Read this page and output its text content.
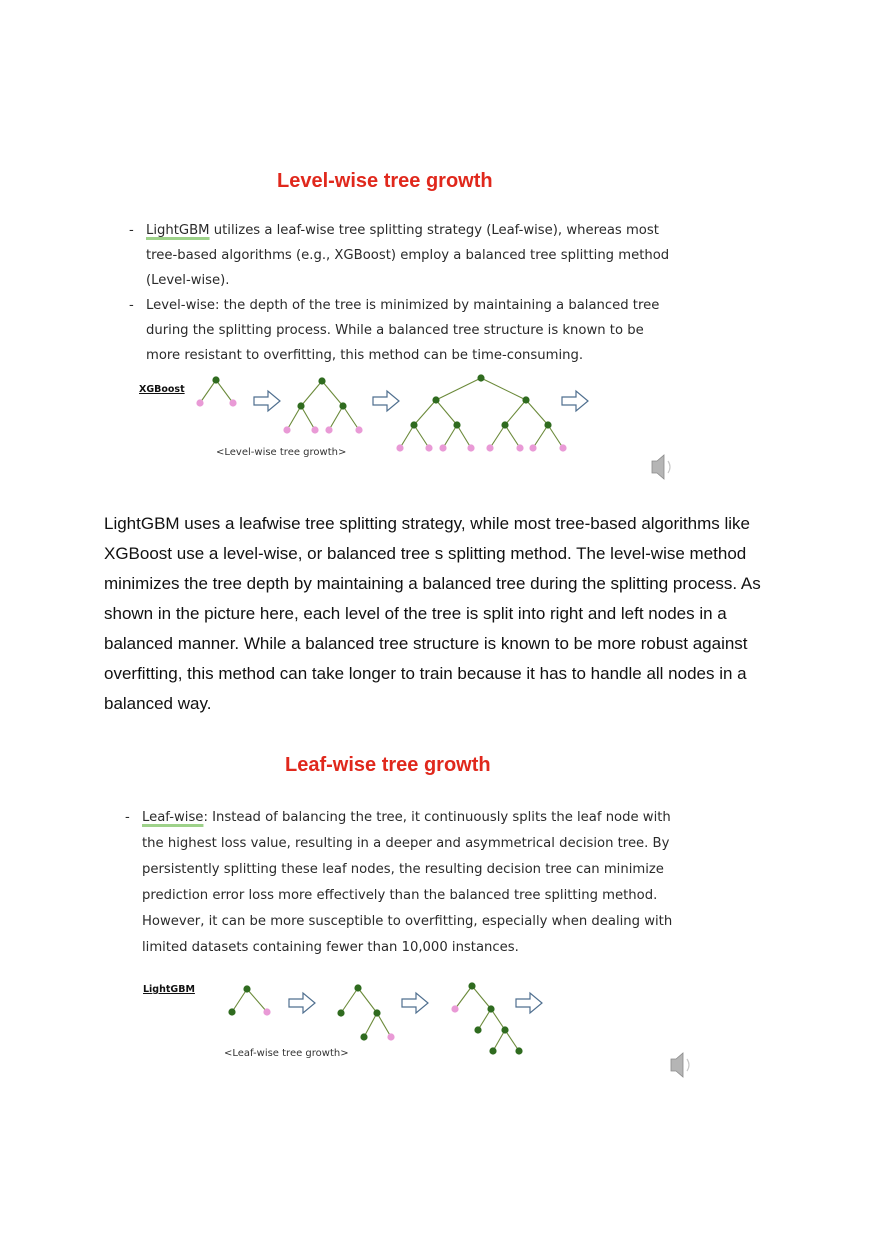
Level-wise tree growth
- LightGBM utilizes a leaf-wise tree splitting strategy (Leaf-wise), whereas most tree-based algorithms (e.g., XGBoost) employ a balanced tree splitting method (Level-wise).
- Level-wise: the depth of the tree is minimized by maintaining a balanced tree during the splitting process. While a balanced tree structure is known to be more resistant to overfitting, this method can be time-consuming.
XGBoost
<Level-wise tree growth>
LightGBM uses a leafwise tree splitting strategy, while most tree-based algorithms like XGBoost use a level-wise, or balanced tree s splitting method. The level-wise method minimizes the tree depth by maintaining a balanced tree during the splitting process. As shown in the picture here, each level of the tree is split into right and left nodes in a balanced manner. While a balanced tree structure is known to be more robust against overfitting, this method can take longer to train because it has to handle all nodes in a balanced way.
Leaf-wise tree growth
- Leaf-wise: Instead of balancing the tree, it continuously splits the leaf node with the highest loss value, resulting in a deeper and asymmetrical decision tree. By persistently splitting these leaf nodes, the resulting decision tree can minimize prediction error loss more effectively than the balanced tree splitting method. However, it can be more susceptible to overfitting, especially when dealing with limited datasets containing fewer than 10,000 instances.
LightGBM
<Leaf-wise tree growth>
